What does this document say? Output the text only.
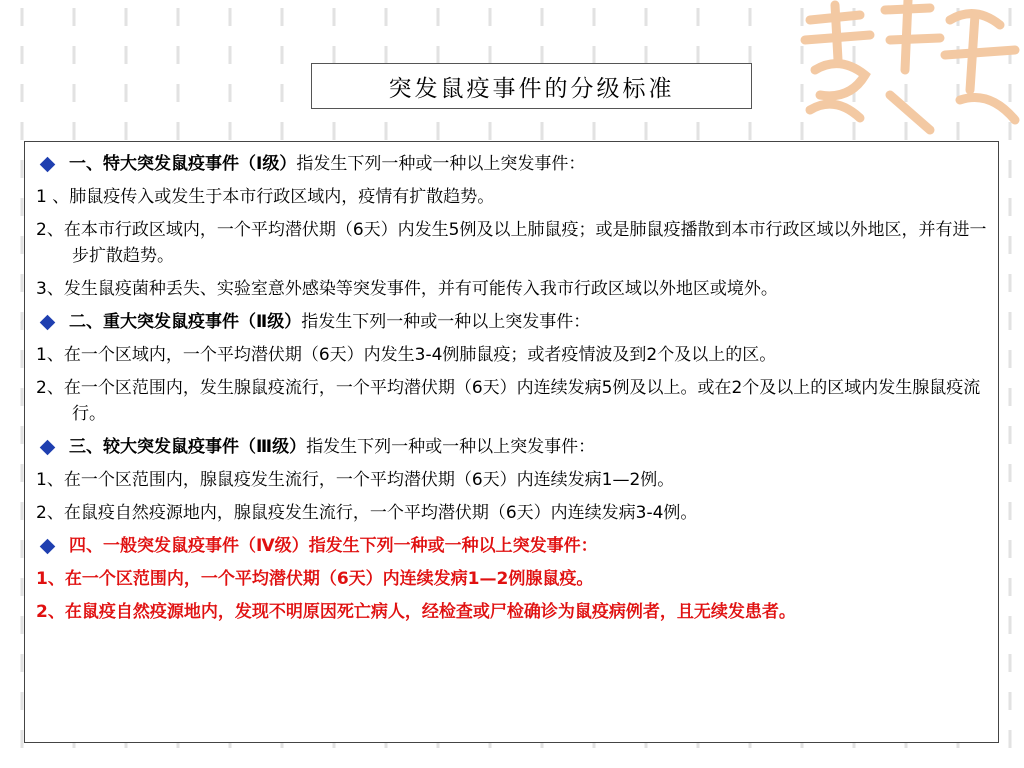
突发鼠疫事件的分级标准
一、特大突发鼠疫事件（Ⅰ级）指发生下列一种或一种以上突发事件：
1 、肺鼠疫传入或发生于本市行政区域内，疫情有扩散趋势。
2、在本市行政区域内，一个平均潜伏期（6天）内发生5例及以上肺鼠疫；或是肺鼠疫播散到本市行政区域以外地区，并有进一步扩散趋势。
3、发生鼠疫菌种丢失、实验室意外感染等突发事件，并有可能传入我市行政区域以外地区或境外。
二、重大突发鼠疫事件（Ⅱ级）指发生下列一种或一种以上突发事件：
1、在一个区域内，一个平均潜伏期（6天）内发生3-4例肺鼠疫；或者疫情波及到2个及以上的区。
2、在一个区范围内，发生腺鼠疫流行，一个平均潜伏期（6天）内连续发病5例及以上。或在2个及以上的区域内发生腺鼠疫流行。
三、较大突发鼠疫事件（Ⅲ级）指发生下列一种或一种以上突发事件：
1、在一个区范围内，腺鼠疫发生流行，一个平均潜伏期（6天）内连续发病1—2例。
2、在鼠疫自然疫源地内，腺鼠疫发生流行，一个平均潜伏期（6天）内连续发病3-4例。
四、一般突发鼠疫事件（Ⅳ级）指发生下列一种或一种以上突发事件：
1、在一个区范围内，一个平均潜伏期（6天）内连续发病1—2例腺鼠疫。
2、在鼠疫自然疫源地内，发现不明原因死亡病人，经检查或尸检确诊为鼠疫病例者，且无续发患者。
